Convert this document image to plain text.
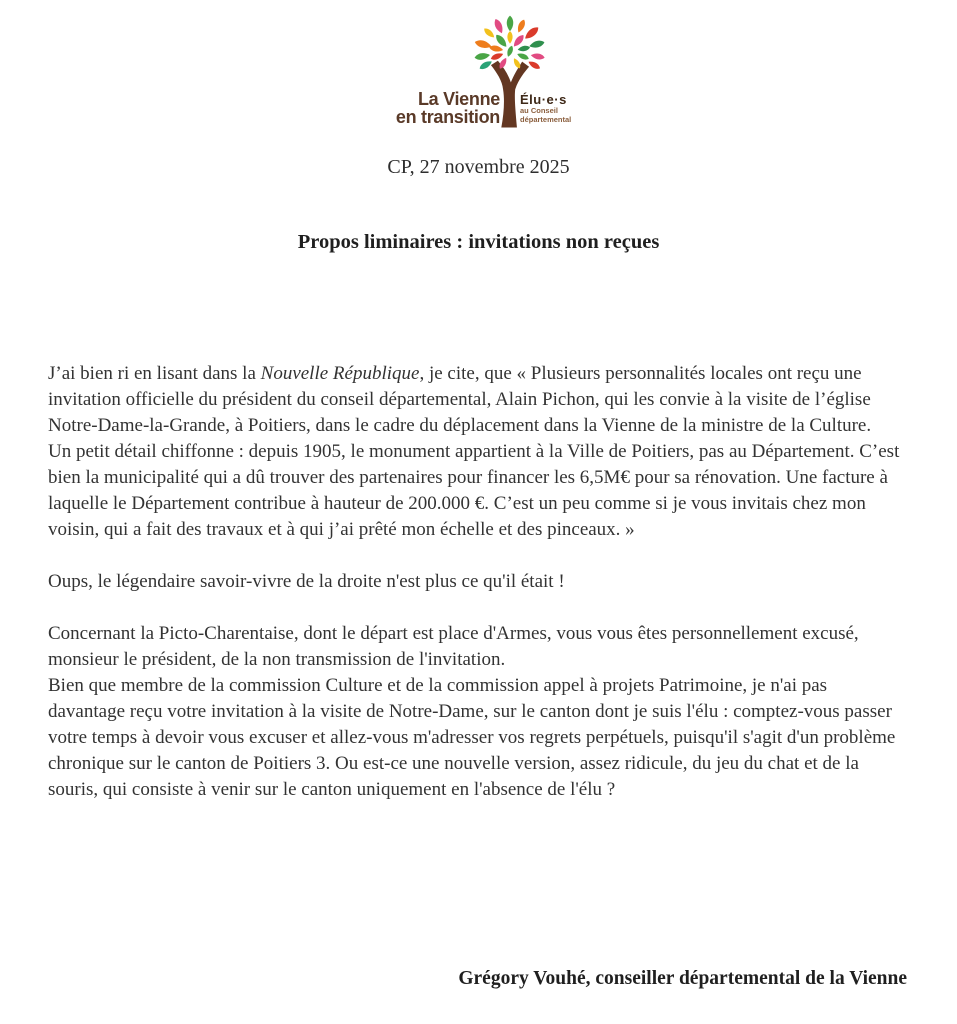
La Vienne
en transition
Élu·e·s
au Conseil
départemental

CP, 27 novembre 2025

Propos liminaires : invitations non reçues

J’ai bien ri en lisant dans la Nouvelle République, je cite, que « Plusieurs personnalités locales ont reçu une invitation officielle du président du conseil départemental, Alain Pichon, qui les convie à la visite de l’église Notre-Dame-la-Grande, à Poitiers, dans le cadre du déplacement dans la Vienne de la ministre de la Culture.
Un petit détail chiffonne : depuis 1905, le monument appartient à la Ville de Poitiers, pas au Département. C’est bien la municipalité qui a dû trouver des partenaires pour financer les 6,5M€ pour sa rénovation. Une facture à laquelle le Département contribue à hauteur de 200.000 €. C’est un peu comme si je vous invitais chez mon voisin, qui a fait des travaux et à qui j’ai prêté mon échelle et des pinceaux. »

Oups, le légendaire savoir-vivre de la droite n'est plus ce qu'il était !

Concernant la Picto-Charentaise, dont le départ est place d'Armes, vous vous êtes personnellement excusé, monsieur le président, de la non transmission de l'invitation.
Bien que membre de la commission Culture et de la commission appel à projets Patrimoine, je n'ai pas davantage reçu votre invitation à la visite de Notre-Dame, sur le canton dont je suis l'élu : comptez-vous passer votre temps à devoir vous excuser et allez-vous m'adresser vos regrets perpétuels, puisqu'il s'agit d'un problème chronique sur le canton de Poitiers 3. Ou est-ce une nouvelle version, assez ridicule, du jeu du chat et de la souris, qui consiste à venir sur le canton uniquement en l'absence de l'élu ?

Grégory Vouhé, conseiller départemental de la Vienne
